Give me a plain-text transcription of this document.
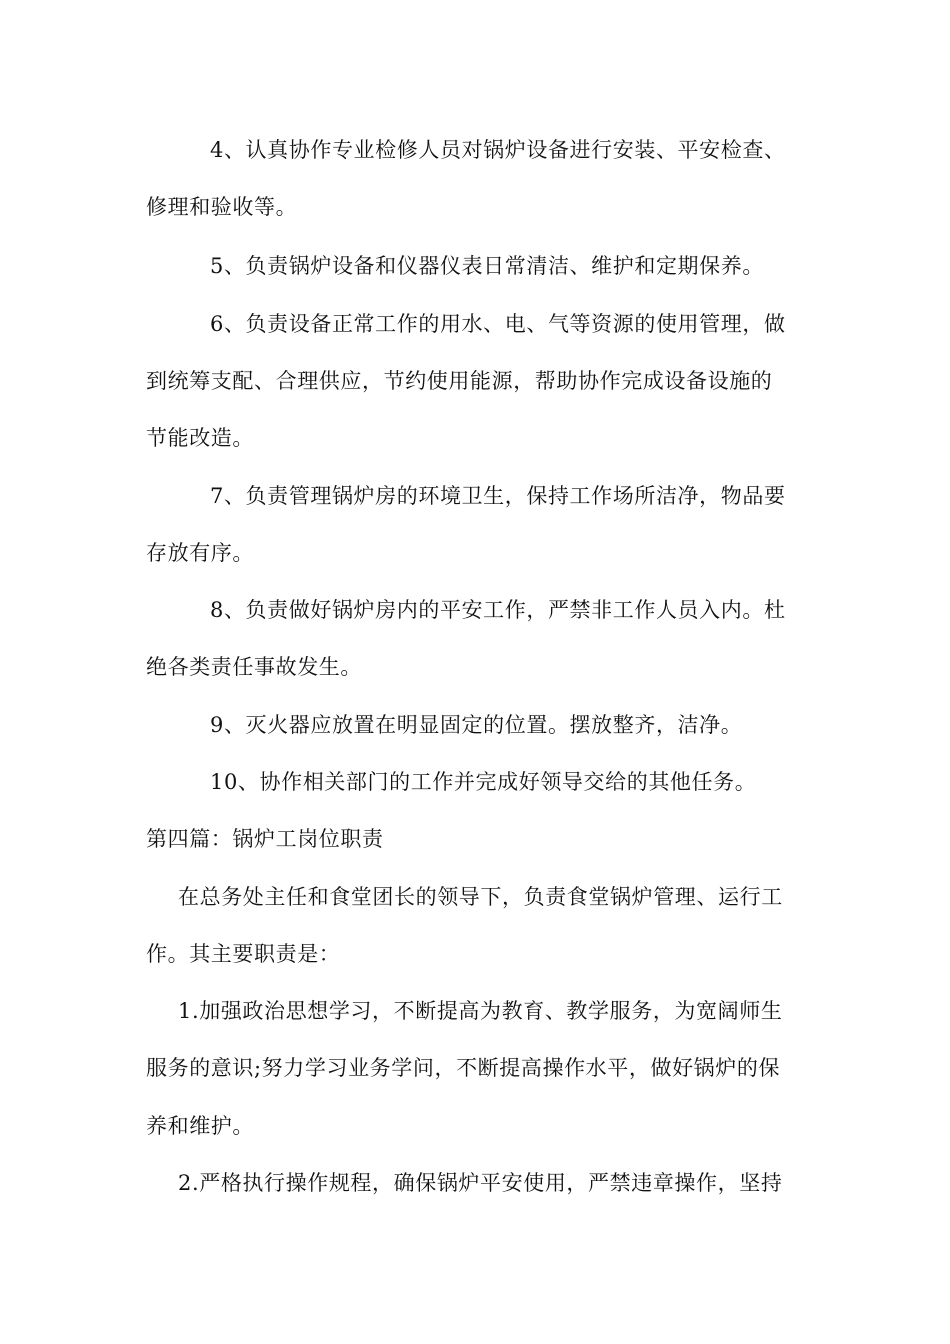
4、认真协作专业检修人员对锅炉设备进行安装、平安检查、
修理和验收等。
5、负责锅炉设备和仪器仪表日常清洁、维护和定期保养。
6、负责设备正常工作的用水、电、气等资源的使用管理，做
到统筹支配、合理供应，节约使用能源，帮助协作完成设备设施的
节能改造。
7、负责管理锅炉房的环境卫生，保持工作场所洁净，物品要
存放有序。
8、负责做好锅炉房内的平安工作，严禁非工作人员入内。杜
绝各类责任事故发生。
9、灭火器应放置在明显固定的位置。摆放整齐，洁净。
10、协作相关部门的工作并完成好领导交给的其他任务。
第四篇：锅炉工岗位职责
在总务处主任和食堂团长的领导下，负责食堂锅炉管理、运行工
作。其主要职责是：
1.加强政治思想学习，不断提高为教育、教学服务，为宽阔师生
服务的意识;努力学习业务学问，不断提高操作水平，做好锅炉的保
养和维护。
2.严格执行操作规程，确保锅炉平安使用，严禁违章操作，坚持
